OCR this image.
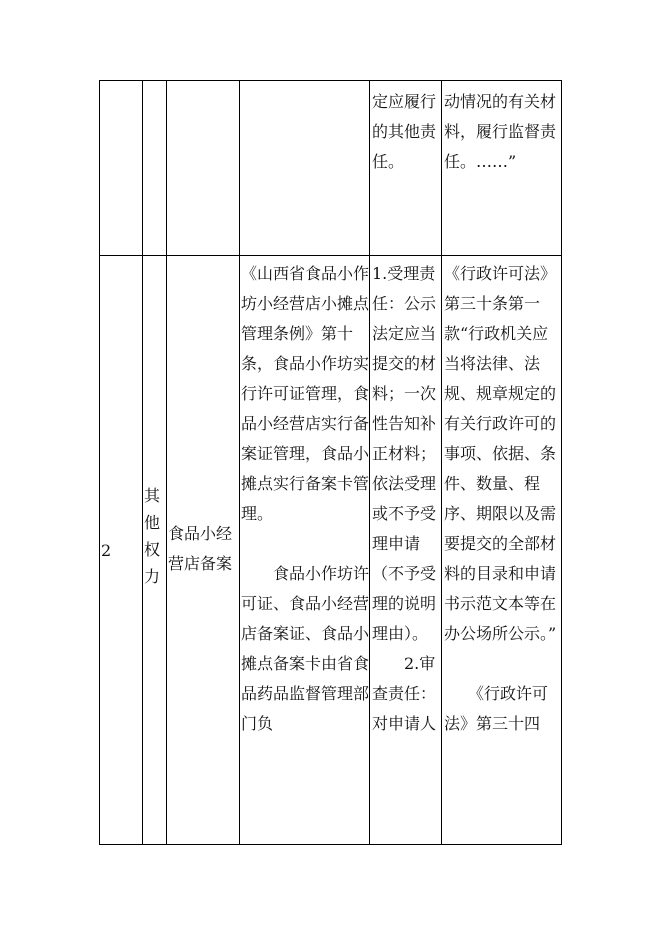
定应履行的其他责任。

动情况的有关材料，履行监督责任。……”

2

其他权力

食品小经营店备案

《山西省食品小作坊小经营店小摊点管理条例》第十条，食品小作坊实行许可证管理，食品小经营店实行备案证管理，食品小摊点实行备案卡管理。

　　食品小作坊许可证、食品小经营店备案证、食品小摊点备案卡由省食品药品监督管理部门负

1.受理责任：公示法定应当提交的材料；一次性告知补正材料；依法受理或不予受理申请（不予受理的说明理由）。

　　2.审查责任：对申请人

《行政许可法》第三十条第一款“行政机关应当将法律、法规、规章规定的有关行政许可的事项、依据、条件、数量、程序、期限以及需要提交的全部材料的目录和申请书示范文本等在办公场所公示。”

　　《行政许可法》第三十四
